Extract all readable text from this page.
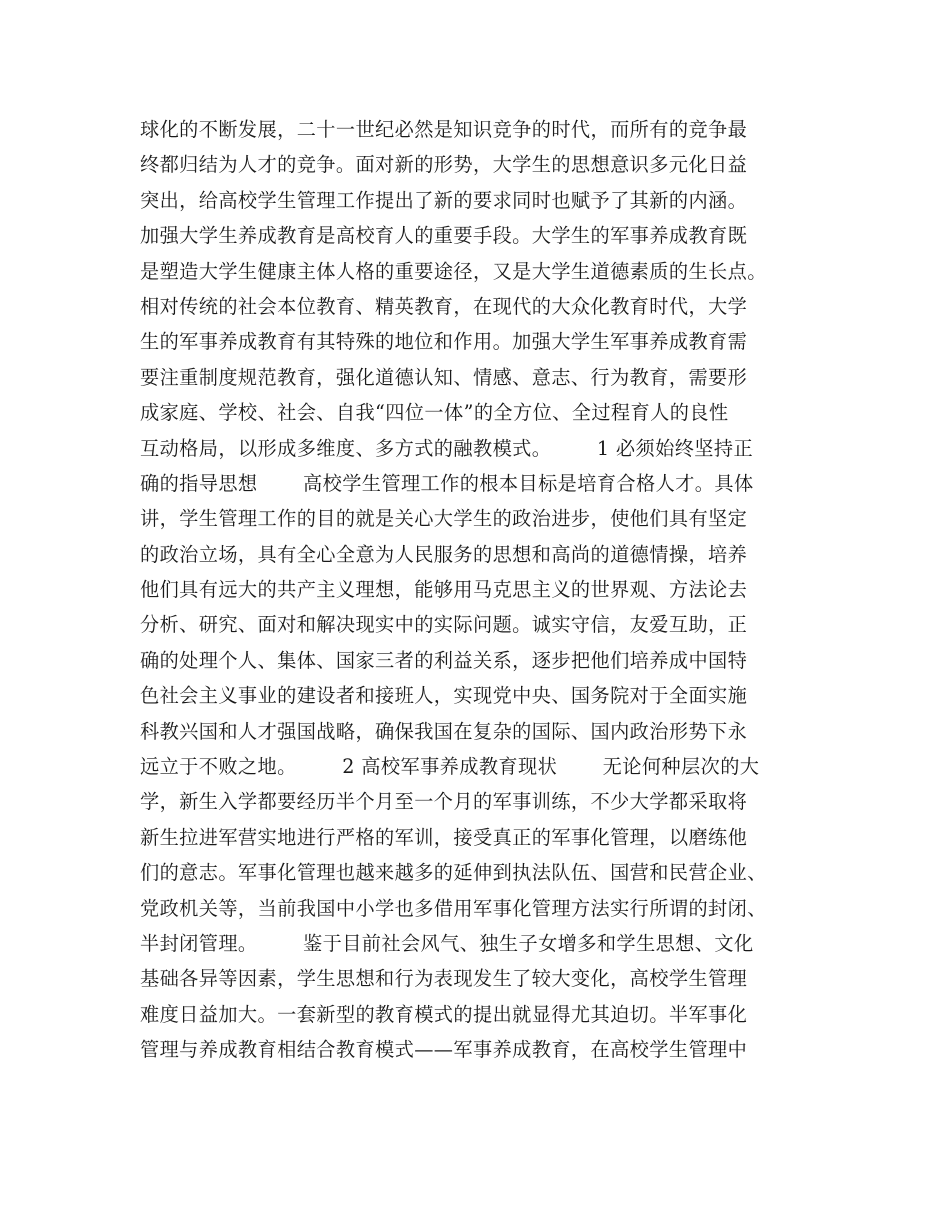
球化的不断发展，二十一世纪必然是知识竞争的时代，而所有的竞争最
终都归结为人才的竞争。面对新的形势，大学生的思想意识多元化日益
突出，给高校学生管理工作提出了新的要求同时也赋予了其新的内涵。
加强大学生养成教育是高校育人的重要手段。大学生的军事养成教育既
是塑造大学生健康主体人格的重要途径，又是大学生道德素质的生长点。
相对传统的社会本位教育、精英教育，在现代的大众化教育时代，大学
生的军事养成教育有其特殊的地位和作用。加强大学生军事养成教育需
要注重制度规范教育，强化道德认知、情感、意志、行为教育，需要形
成家庭、学校、社会、自我“四位一体”的全方位、全过程育人的良性
互动格局，以形成多维度、多方式的融教模式。       1 必须始终坚持正
确的指导思想       高校学生管理工作的根本目标是培育合格人才。具体
讲，学生管理工作的目的就是关心大学生的政治进步，使他们具有坚定
的政治立场，具有全心全意为人民服务的思想和高尚的道德情操，培养
他们具有远大的共产主义理想，能够用马克思主义的世界观、方法论去
分析、研究、面对和解决现实中的实际问题。诚实守信，友爱互助，正
确的处理个人、集体、国家三者的利益关系，逐步把他们培养成中国特
色社会主义事业的建设者和接班人，实现党中央、国务院对于全面实施
科教兴国和人才强国战略，确保我国在复杂的国际、国内政治形势下永
远立于不败之地。       2 高校军事养成教育现状       无论何种层次的大
学，新生入学都要经历半个月至一个月的军事训练，不少大学都采取将
新生拉进军营实地进行严格的军训，接受真正的军事化管理，以磨练他
们的意志。军事化管理也越来越多的延伸到执法队伍、国营和民营企业、
党政机关等，当前我国中小学也多借用军事化管理方法实行所谓的封闭、
半封闭管理。       鉴于目前社会风气、独生子女增多和学生思想、文化
基础各异等因素，学生思想和行为表现发生了较大变化，高校学生管理
难度日益加大。一套新型的教育模式的提出就显得尤其迫切。半军事化
管理与养成教育相结合教育模式——军事养成教育，在高校学生管理中
